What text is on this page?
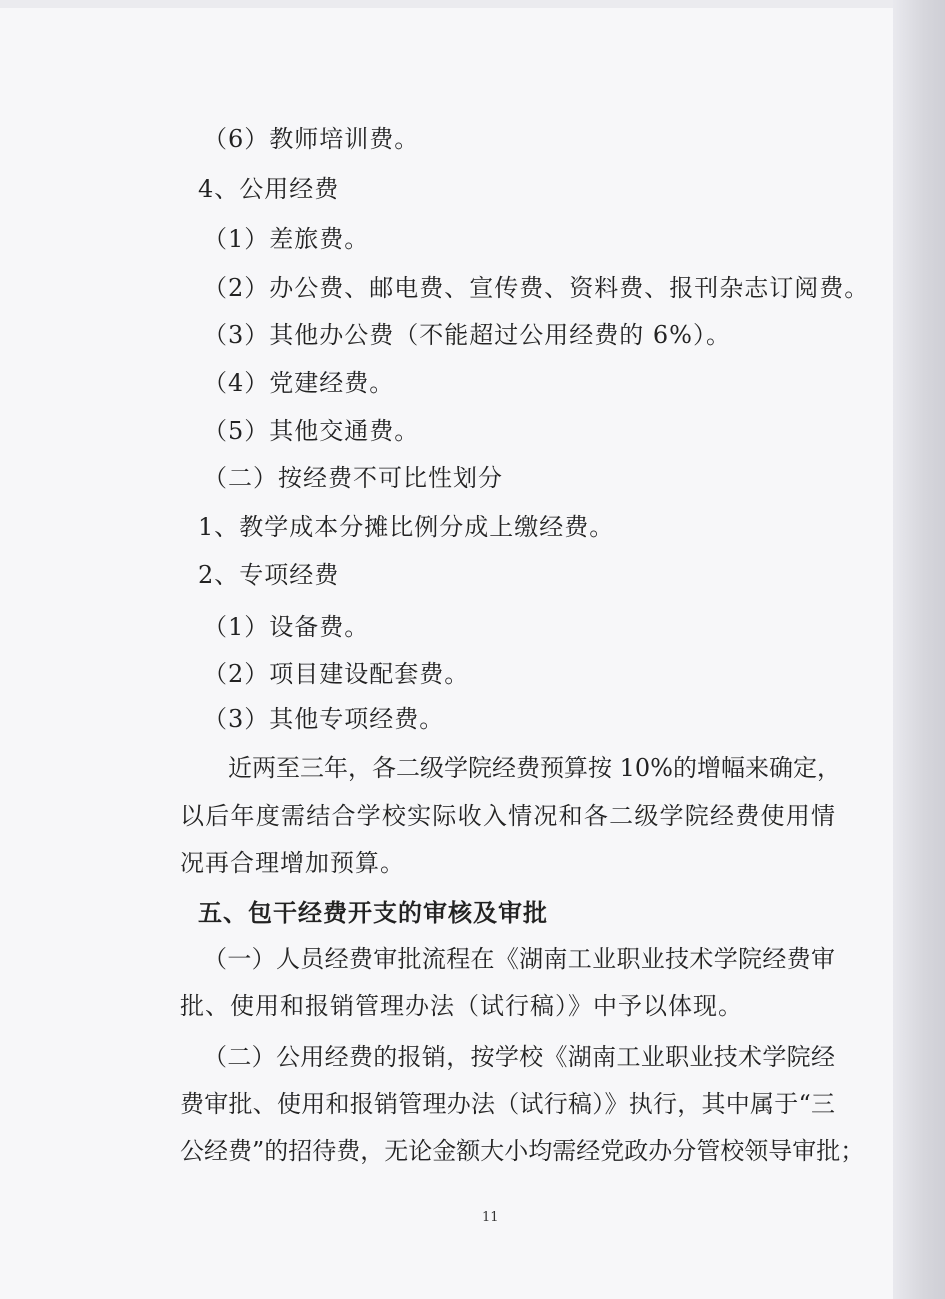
（6）教师培训费。
4、公用经费
（1）差旅费。
（2）办公费、邮电费、宣传费、资料费、报刊杂志订阅费。
（3）其他办公费（不能超过公用经费的 6%）。
（4）党建经费。
（5）其他交通费。
（二）按经费不可比性划分
1、教学成本分摊比例分成上缴经费。
2、专项经费
（1）设备费。
（2）项目建设配套费。
（3）其他专项经费。
近两至三年，各二级学院经费预算按 10%的增幅来确定，
以后年度需结合学校实际收入情况和各二级学院经费使用情
况再合理增加预算。
五、包干经费开支的审核及审批
（一）人员经费审批流程在《湖南工业职业技术学院经费审
批、使用和报销管理办法（试行稿）》中予以体现。
（二）公用经费的报销，按学校《湖南工业职业技术学院经
费审批、使用和报销管理办法（试行稿）》执行，其中属于“三
公经费”的招待费，无论金额大小均需经党政办分管校领导审批；
11
